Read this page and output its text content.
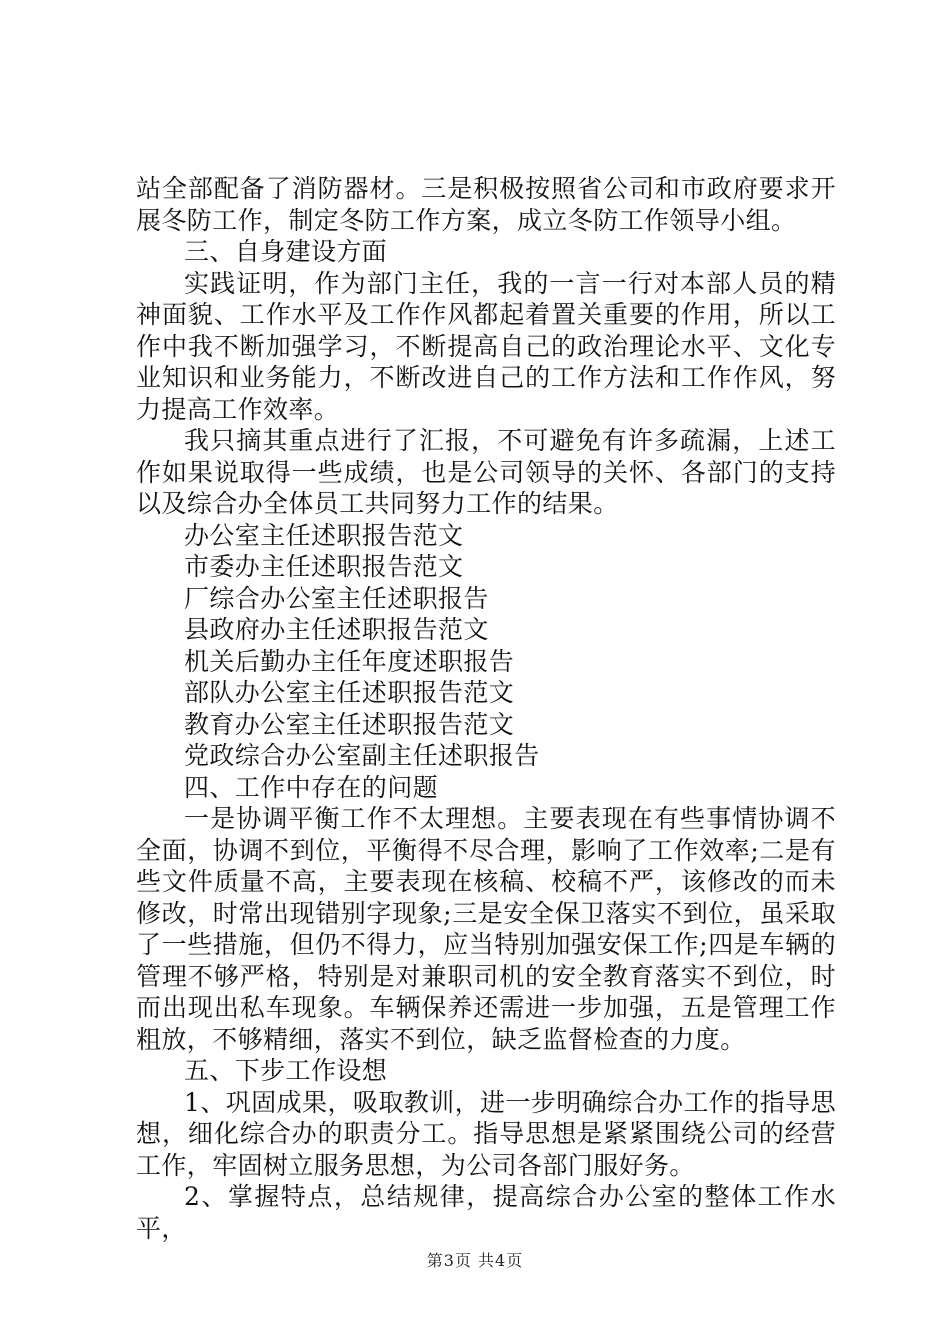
站全部配备了消防器材。三是积极按照省公司和市政府要求开展冬防工作，制定冬防工作方案，成立冬防工作领导小组。

三、自身建设方面

实践证明，作为部门主任，我的一言一行对本部人员的精神面貌、工作水平及工作作风都起着置关重要的作用，所以工作中我不断加强学习，不断提高自己的政治理论水平、文化专业知识和业务能力，不断改进自己的工作方法和工作作风，努力提高工作效率。

我只摘其重点进行了汇报，不可避免有许多疏漏，上述工作如果说取得一些成绩，也是公司领导的关怀、各部门的支持以及综合办全体员工共同努力工作的结果。

办公室主任述职报告范文

市委办主任述职报告范文

厂综合办公室主任述职报告

县政府办主任述职报告范文

机关后勤办主任年度述职报告

部队办公室主任述职报告范文

教育办公室主任述职报告范文

党政综合办公室副主任述职报告

四、工作中存在的问题

一是协调平衡工作不太理想。主要表现在有些事情协调不全面，协调不到位，平衡得不尽合理，影响了工作效率;二是有些文件质量不高，主要表现在核稿、校稿不严，该修改的而未修改，时常出现错别字现象;三是安全保卫落实不到位，虽采取了一些措施，但仍不得力，应当特别加强安保工作;四是车辆的管理不够严格，特别是对兼职司机的安全教育落实不到位，时而出现出私车现象。车辆保养还需进一步加强，五是管理工作粗放，不够精细，落实不到位，缺乏监督检查的力度。

五、下步工作设想

1、巩固成果，吸取教训，进一步明确综合办工作的指导思想，细化综合办的职责分工。指导思想是紧紧围绕公司的经营工作，牢固树立服务思想，为公司各部门服好务。

2、掌握特点，总结规律，提高综合办公室的整体工作水平，

第3页 共4页
